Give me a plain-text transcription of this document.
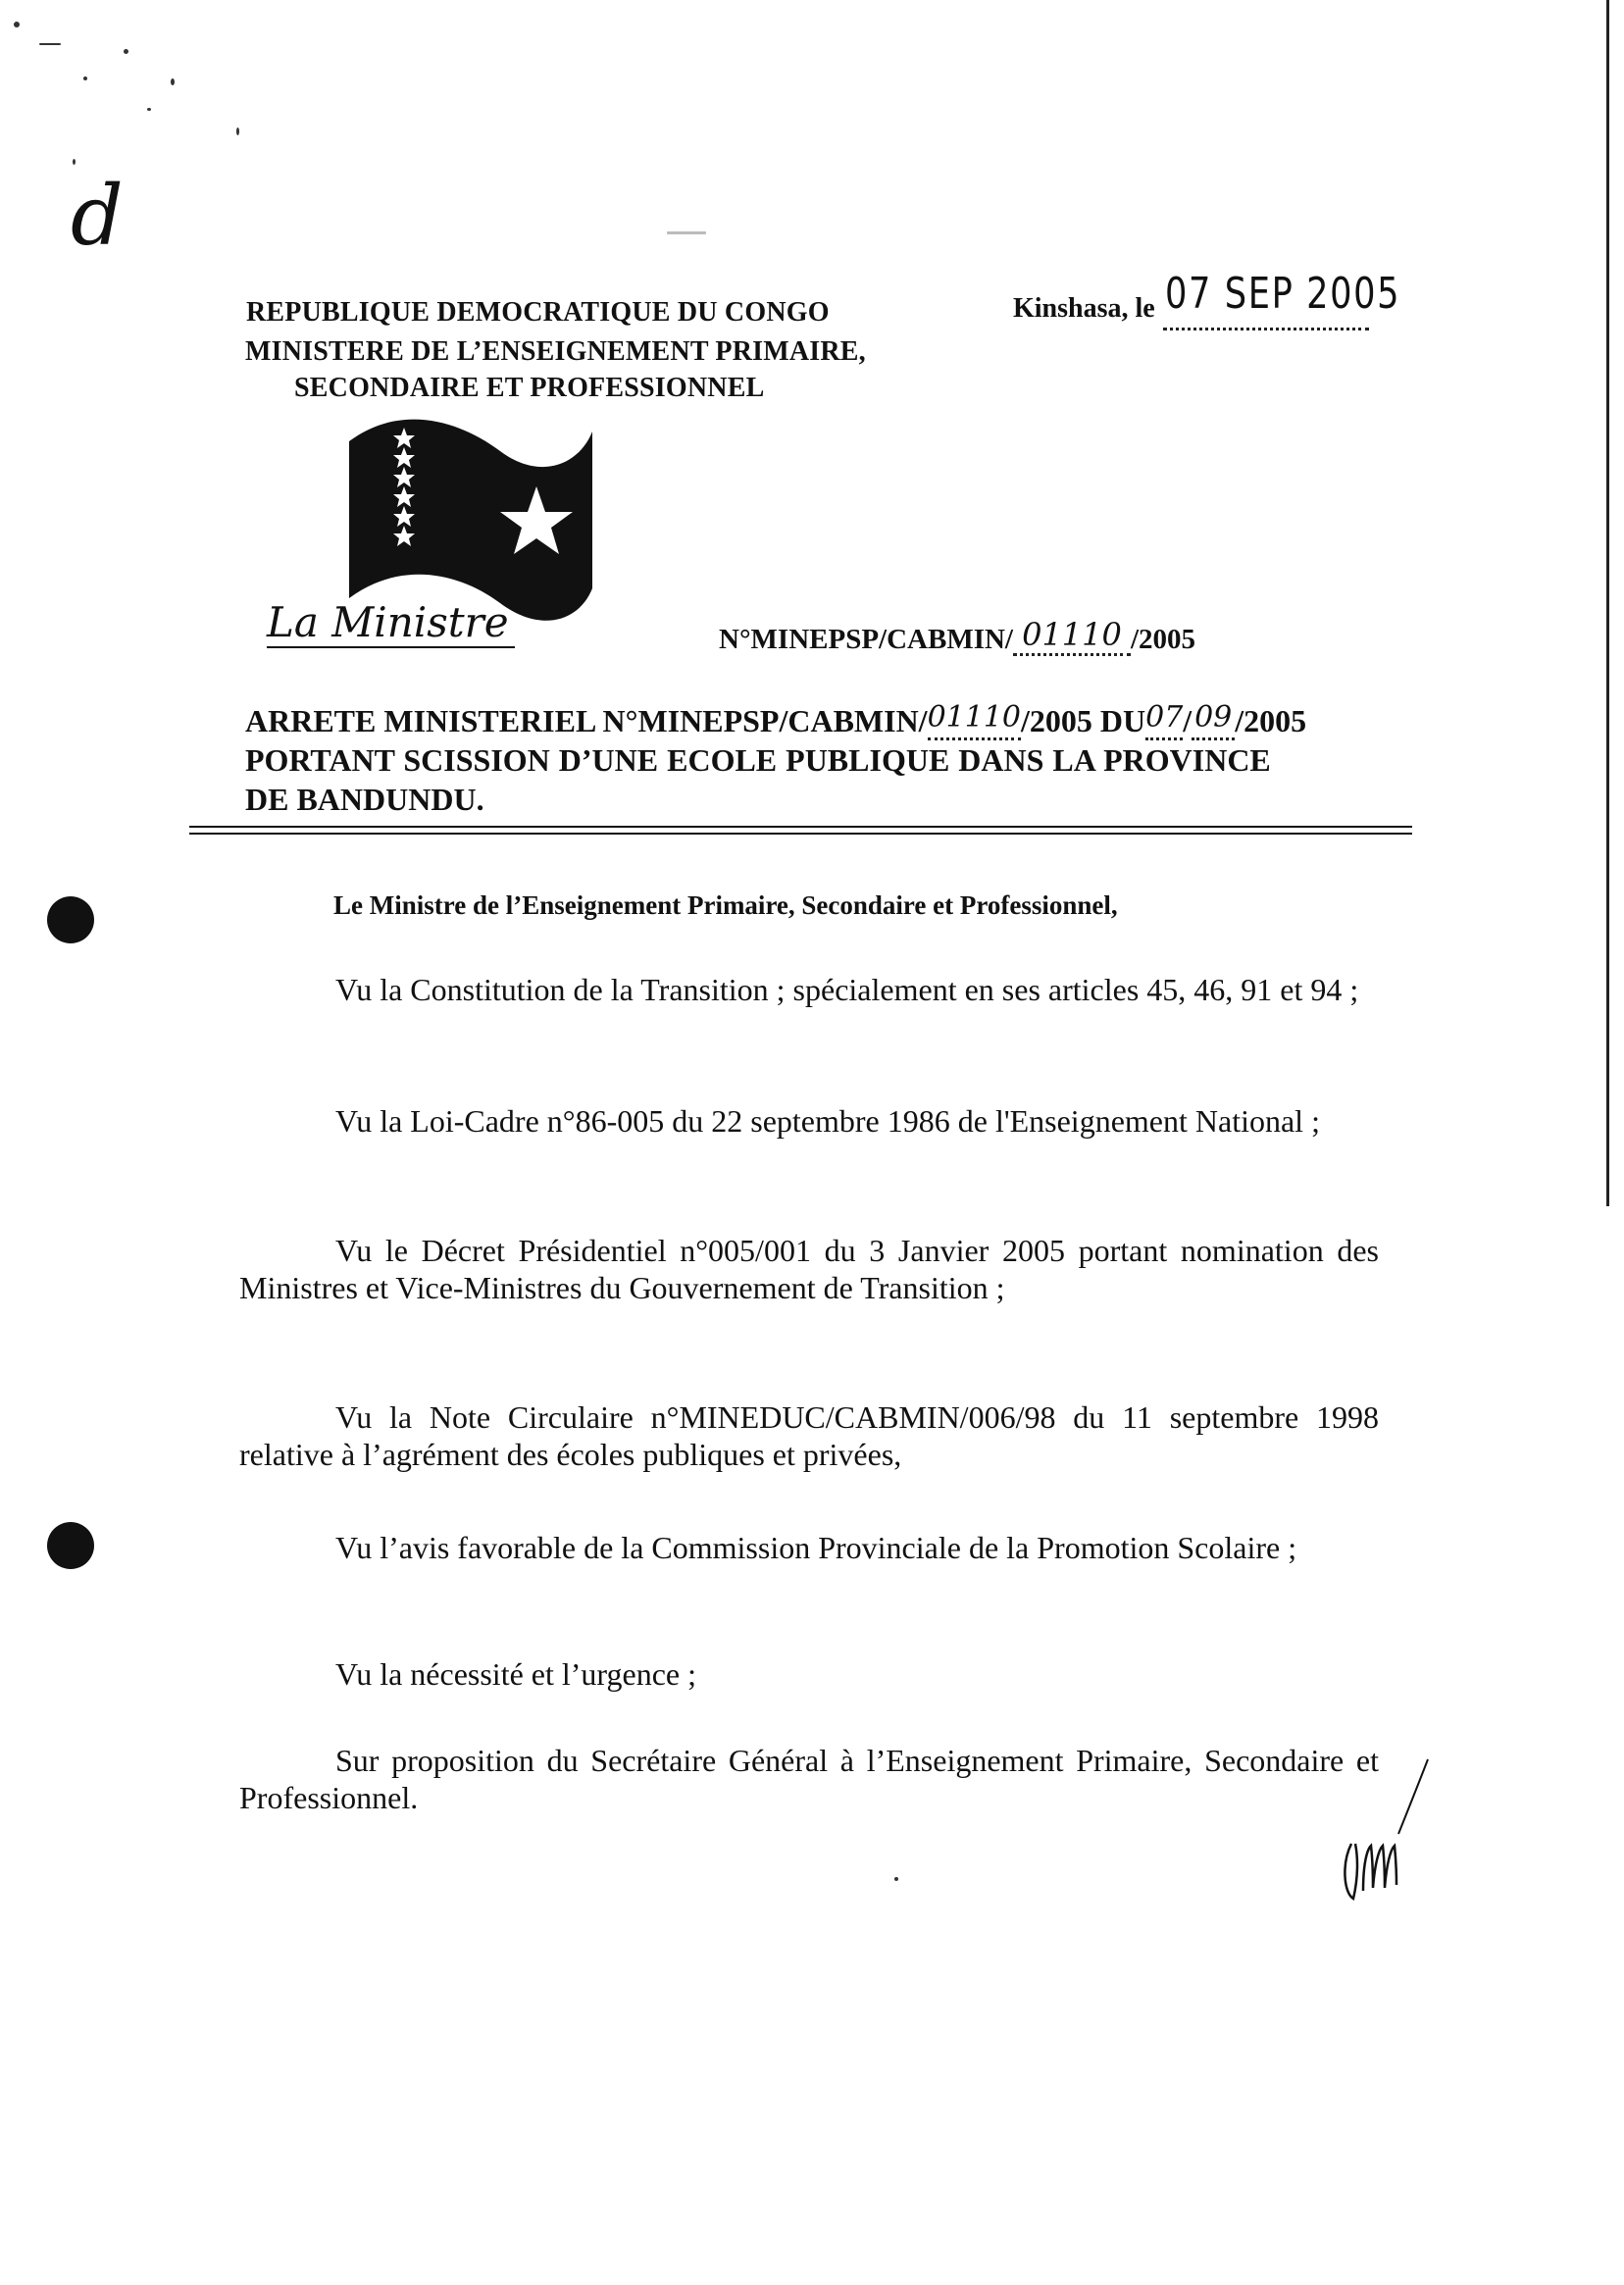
d
REPUBLIQUE DEMOCRATIQUE DU CONGO
MINISTERE DE L’ENSEIGNEMENT PRIMAIRE,
SECONDAIRE ET PROFESSIONNEL
Kinshasa, le 07 SEP 2005
La Ministre	N°MINEPSP/CABMIN/ 01110 /2005
ARRETE MINISTERIEL N°MINEPSP/CABMIN/ 01110 /2005 DU 07 / 09 /2005
PORTANT SCISSION D’UNE ECOLE PUBLIQUE DANS LA PROVINCE
DE BANDUNDU.
Le Ministre de l’Enseignement Primaire, Secondaire et Professionnel,
Vu la Constitution de la Transition ; spécialement en ses articles 45, 46, 91 et 94 ;
Vu la Loi-Cadre n°86-005 du 22 septembre 1986 de l'Enseignement National ;
Vu le Décret Présidentiel n°005/001 du 3 Janvier 2005 portant nomination des Ministres et Vice-Ministres du Gouvernement de Transition ;
Vu la Note Circulaire n°MINEDUC/CABMIN/006/98 du 11 septembre 1998 relative à l’agrément des écoles publiques et privées,
Vu l’avis favorable de la Commission Provinciale de la Promotion Scolaire ;
Vu la nécessité et l’urgence ;
Sur proposition du Secrétaire Général à l’Enseignement Primaire, Secondaire et Professionnel.
